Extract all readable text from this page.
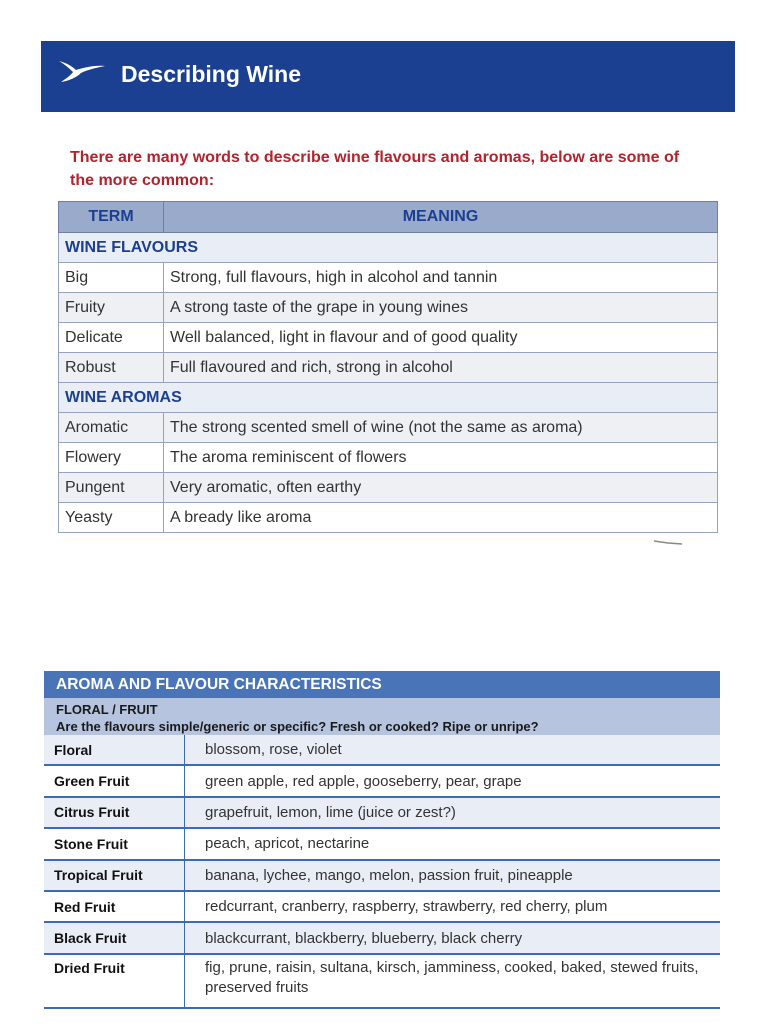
Describing Wine
There are many words to describe wine flavours and aromas, below are some of the more common:
TERM	MEANING
WINE FLAVOURS	
Big	Strong, full flavours, high in alcohol and tannin
Fruity	A strong taste of the grape in young wines
Delicate	Well balanced, light in flavour and of good quality
Robust	Full flavoured and rich, strong in alcohol
WINE AROMAS	
Aromatic	The strong scented smell of wine (not the same as aroma)
Flowery	The aroma reminiscent of flowers
Pungent	Very aromatic, often earthy
Yeasty	A bready like aroma
AROMA AND FLAVOUR CHARACTERISTICS
FLORAL / FRUIT
Are the flavours simple/generic or specific? Fresh or cooked? Ripe or unripe?
Floral	blossom, rose, violet
Green Fruit	green apple, red apple, gooseberry, pear, grape
Citrus Fruit	grapefruit, lemon, lime (juice or zest?)
Stone Fruit	peach, apricot, nectarine
Tropical Fruit	banana, lychee, mango, melon, passion fruit, pineapple
Red Fruit	redcurrant, cranberry, raspberry, strawberry, red cherry, plum
Black Fruit	blackcurrant, blackberry, blueberry, black cherry
Dried Fruit	fig, prune, raisin, sultana, kirsch, jamminess, cooked, baked, stewed fruits, preserved fruits
